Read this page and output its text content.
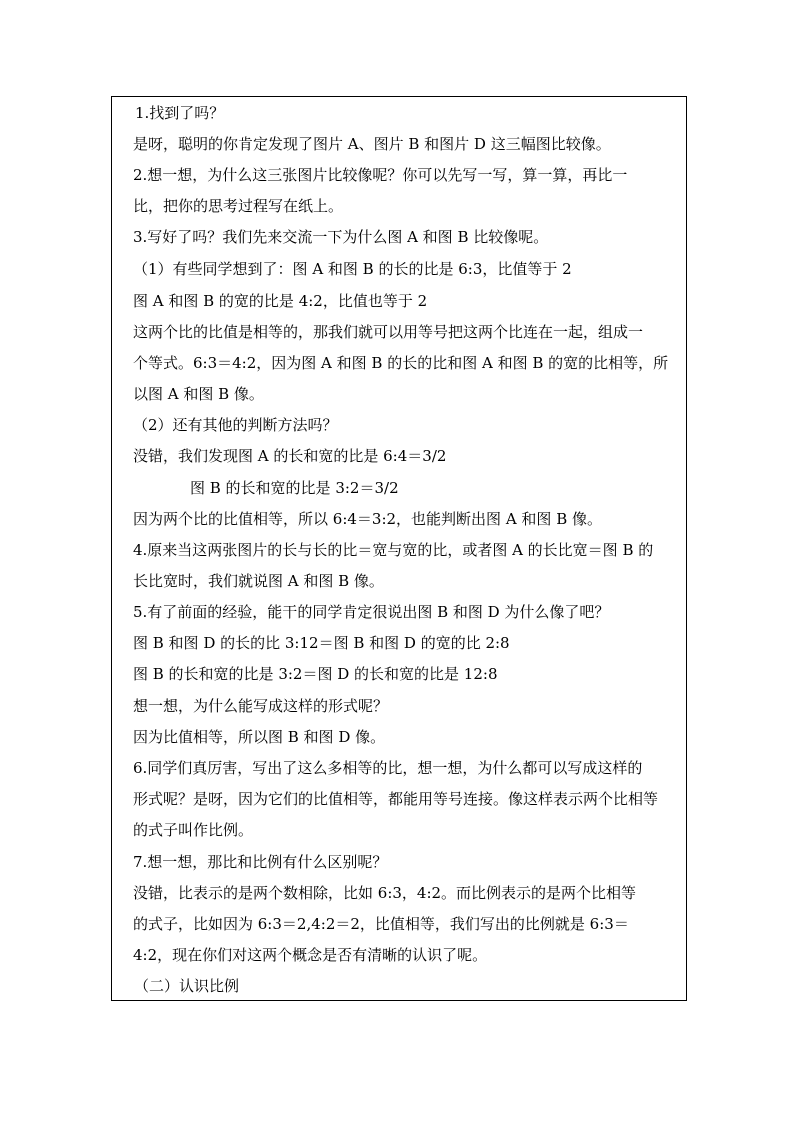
1.找到了吗？
是呀，聪明的你肯定发现了图片 A、图片 B 和图片 D 这三幅图比较像。
2.想一想，为什么这三张图片比较像呢？你可以先写一写，算一算，再比一
比，把你的思考过程写在纸上。
3.写好了吗？我们先来交流一下为什么图 A 和图 B 比较像呢。
（1）有些同学想到了：图 A 和图 B 的长的比是 6:3，比值等于 2
图 A 和图 B 的宽的比是 4:2，比值也等于 2
这两个比的比值是相等的，那我们就可以用等号把这两个比连在一起，组成一
个等式。6:3＝4:2，因为图 A 和图 B 的长的比和图 A 和图 B 的宽的比相等，所
以图 A 和图 B 像。
（2）还有其他的判断方法吗？
没错，我们发现图 A 的长和宽的比是 6:4＝3/2
图 B 的长和宽的比是 3:2＝3/2
因为两个比的比值相等，所以 6:4＝3:2，也能判断出图 A 和图 B 像。
4.原来当这两张图片的长与长的比＝宽与宽的比，或者图 A 的长比宽＝图 B 的
长比宽时，我们就说图 A 和图 B 像。
5.有了前面的经验，能干的同学肯定很说出图 B 和图 D 为什么像了吧？
图 B 和图 D 的长的比 3:12＝图 B 和图 D 的宽的比 2:8
图 B 的长和宽的比是 3:2＝图 D 的长和宽的比是 12:8
想一想，为什么能写成这样的形式呢？
因为比值相等，所以图 B 和图 D 像。
6.同学们真厉害，写出了这么多相等的比，想一想，为什么都可以写成这样的
形式呢？是呀，因为它们的比值相等，都能用等号连接。像这样表示两个比相等
的式子叫作比例。
7.想一想，那比和比例有什么区别呢？
没错，比表示的是两个数相除，比如 6:3，4:2。而比例表示的是两个比相等
的式子，比如因为 6:3＝2,4:2＝2，比值相等，我们写出的比例就是 6:3＝
4:2，现在你们对这两个概念是否有清晰的认识了呢。
（二）认识比例
